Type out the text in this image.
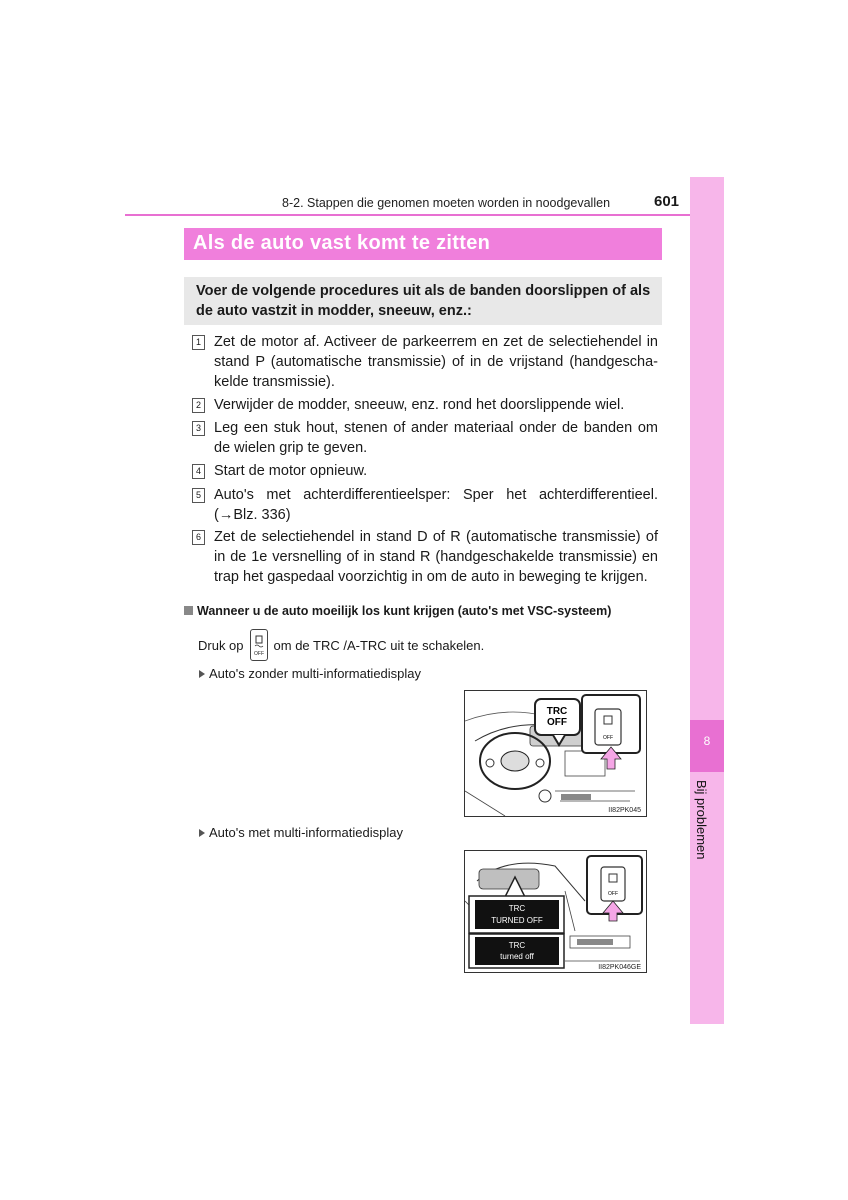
8
Bij problemen
8-2. Stappen die genomen moeten worden in noodgevallen	601
Als de auto vast komt te zitten
Voer de volgende procedures uit als de banden doorslippen of als de auto vastzit in modder, sneeuw, enz.:
1 Zet de motor af. Activeer de parkeerrem en zet de selectiehendel in stand P (automatische transmissie) of in de vrijstand (handgescha-kelde transmissie).
2 Verwijder de modder, sneeuw, enz. rond het doorslippende wiel.
3 Leg een stuk hout, stenen of ander materiaal onder de banden om de wielen grip te geven.
4 Start de motor opnieuw.
5 Auto's met achterdifferentieelsper: Sper het achterdifferentieel. (→Blz. 336)
6 Zet de selectiehendel in stand D of R (automatische transmissie) of in de 1e versnelling of in stand R (handgeschakelde transmissie) en trap het gaspedaal voorzichtig in om de auto in beweging te krijgen.
Wanneer u de auto moeilijk los kunt krijgen (auto's met VSC-systeem)
Druk op
OFF
om de TRC /A-TRC uit te schakelen.
Auto's zonder multi-informatiedisplay
Auto's met multi-informatiedisplay
TRC
OFF
OFF
II82PK045
OFF
TRC
TURNED OFF
TRC
turned off
II82PK046GE
